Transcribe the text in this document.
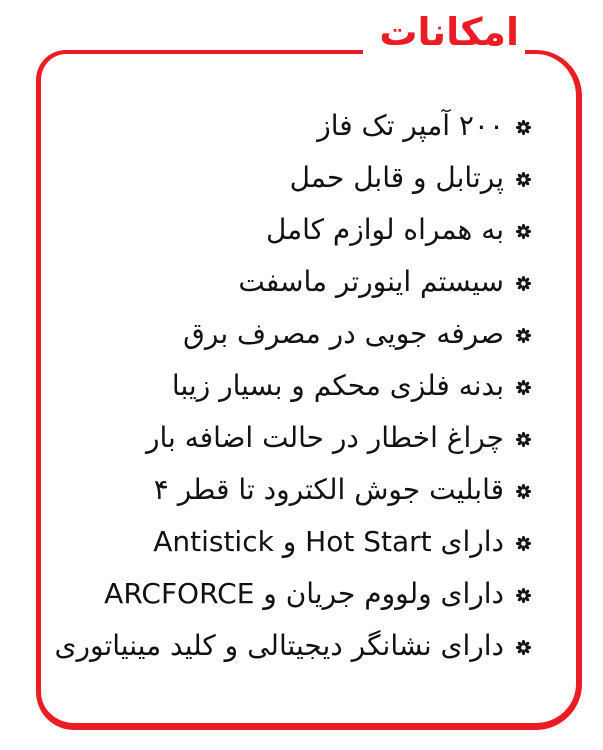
۲۰۰ آمپر تک فاز
پرتابل و قابل حمل
به همراه لوازم کامل
سیستم اینورتر ماسفت
صرفه جویی در مصرف برق
بدنه فلزی محکم و بسیار زیبا
چراغ اخطار در حالت اضافه بار
قابلیت جوش الکترود تا قطر ۴
دارای Hot Start و Antistick
دارای ولووم جریان و ARCFORCE
دارای نشانگر دیجیتالی و کلید مینیاتوری
امکانات
